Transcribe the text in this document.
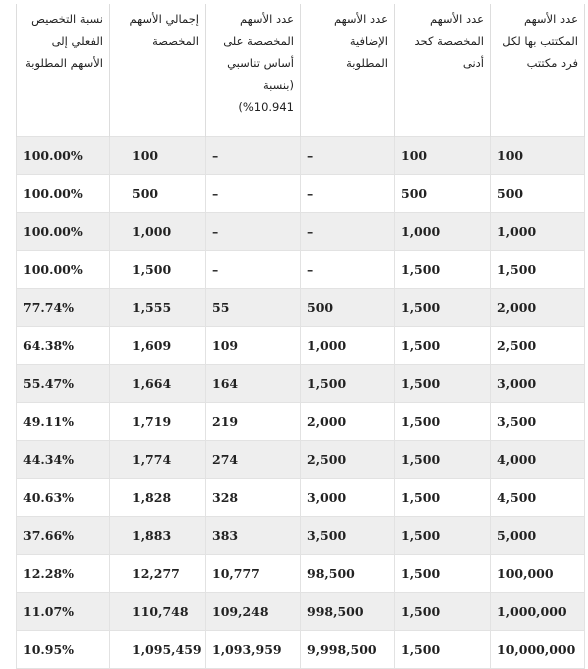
عدد الأسهم المكتتب بها لكل فرد مكتتب	عدد الأسهم المخصصة كحد أدنى	عدد الأسهم الإضافية المطلوبة	عدد الأسهم المخصصة على أساس تناسبي (بنسبة 10.941%)	إجمالي الأسهم المخصصة	نسبة التخصيص الفعلي إلى الأسهم المطلوبة
100	100	–	–	100	100.00%
500	500	–	–	500	100.00%
1,000	1,000	–	–	1,000	100.00%
1,500	1,500	–	–	1,500	100.00%
2,000	1,500	500	55	1,555	77.74%
2,500	1,500	1,000	109	1,609	64.38%
3,000	1,500	1,500	164	1,664	55.47%
3,500	1,500	2,000	219	1,719	49.11%
4,000	1,500	2,500	274	1,774	44.34%
4,500	1,500	3,000	328	1,828	40.63%
5,000	1,500	3,500	383	1,883	37.66%
100,000	1,500	98,500	10,777	12,277	12.28%
1,000,000	1,500	998,500	109,248	110,748	11.07%
10,000,000	1,500	9,998,500	1,093,959	1,095,459	10.95%
